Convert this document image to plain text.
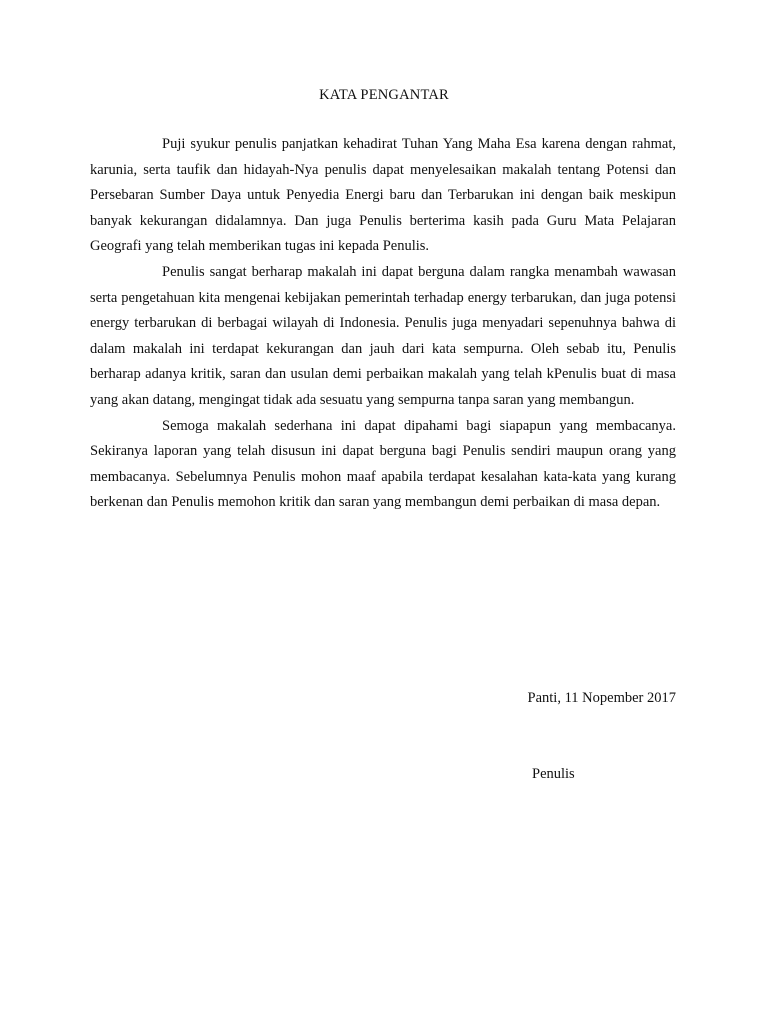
KATA PENGANTAR

Puji syukur penulis panjatkan kehadirat Tuhan Yang Maha Esa karena dengan rahmat, karunia, serta taufik dan hidayah-Nya penulis dapat menyelesaikan makalah tentang Potensi dan Persebaran Sumber Daya untuk Penyedia Energi baru dan Terbarukan ini dengan baik meskipun banyak kekurangan didalamnya. Dan juga Penulis berterima kasih pada Guru Mata Pelajaran Geografi yang telah memberikan tugas ini kepada Penulis.

Penulis sangat berharap makalah ini dapat berguna dalam rangka menambah wawasan serta pengetahuan kita mengenai kebijakan pemerintah terhadap energy terbarukan, dan juga potensi energy terbarukan di berbagai wilayah di Indonesia. Penulis juga menyadari sepenuhnya bahwa di dalam makalah ini terdapat kekurangan dan jauh dari kata sempurna. Oleh sebab itu, Penulis berharap adanya kritik, saran dan usulan demi perbaikan makalah yang telah kPenulis buat di masa yang akan datang, mengingat tidak ada sesuatu yang sempurna tanpa saran yang membangun.

Semoga makalah sederhana ini dapat dipahami bagi siapapun yang membacanya. Sekiranya laporan yang telah disusun ini dapat berguna bagi Penulis sendiri maupun orang yang membacanya. Sebelumnya Penulis mohon maaf apabila terdapat kesalahan kata-kata yang kurang berkenan dan Penulis memohon kritik dan saran yang membangun demi perbaikan di masa depan.

Panti, 11 Nopember 2017
Penulis
